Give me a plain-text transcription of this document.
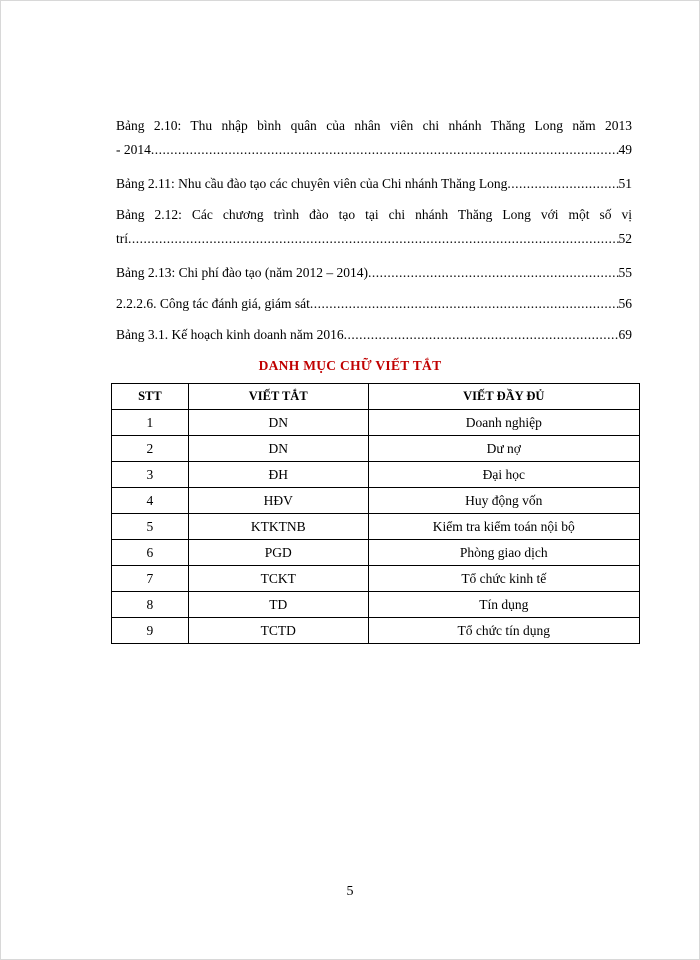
Bảng 2.10: Thu nhập bình quân của nhân viên chi nhánh Thăng Long năm 2013
- 2014 .....	49
Bảng 2.11: Nhu cầu đào tạo các chuyên viên của Chi nhánh Thăng Long .....	51
Bảng 2.12: Các chương trình đào tạo tại chi nhánh Thăng Long với một số vị
trí .....	52
Bảng 2.13: Chi phí đào tạo (năm 2012 – 2014) .....	55
2.2.2.6. Công tác đánh giá, giám sát .....	56
Bảng 3.1. Kế hoạch kinh doanh năm 2016 .....	69
DANH MỤC CHỮ VIẾT TẮT
STT	VIẾT TẮT	VIẾT ĐẦY ĐỦ
1	DN	Doanh nghiệp
2	DN	Dư nợ
3	ĐH	Đại học
4	HĐV	Huy động vốn
5	KTKTNB	Kiểm tra kiểm toán nội bộ
6	PGD	Phòng giao dịch
7	TCKT	Tổ chức kinh tế
8	TD	Tín dụng
9	TCTD	Tổ chức tín dụng
5
